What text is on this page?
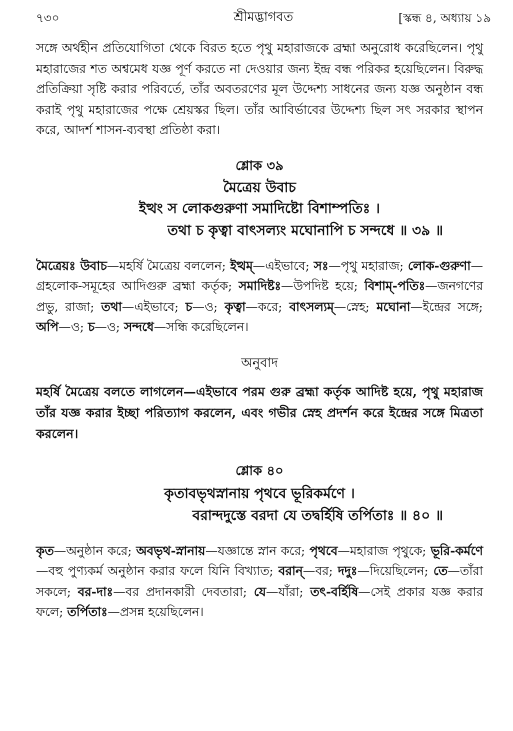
৭৩০	শ্রীমদ্ভাগবত	[স্কন্ধ ৪, অধ্যায় ১৯

সঙ্গে অর্থহীন প্রতিযোগিতা থেকে বিরত হতে পৃথু মহারাজকে ব্রহ্মা অনুরোধ করেছিলেন। পৃথু মহারাজের শত অশ্বমেধ যজ্ঞ পূর্ণ করতে না দেওয়ার জন্য ইন্দ্র বন্ধ পরিকর হয়েছিলেন। বিরুদ্ধ প্রতিক্রিয়া সৃষ্টি করার পরিবর্তে, তাঁর অবতরণের মূল উদ্দেশ্য সাধনের জন্য যজ্ঞ অনুষ্ঠান বন্ধ করাই পৃথু মহারাজের পক্ষে শ্রেয়স্কর ছিল। তাঁর আবির্ভাবের উদ্দেশ্য ছিল সৎ সরকার স্থাপন করে, আদর্শ শাসন-ব্যবস্থা প্রতিষ্ঠা করা।

শ্লোক ৩৯
মৈত্রেয় উবাচ
ইত্থং স লোকগুরুণা সমাদিষ্টো বিশাম্পতিঃ ।
তথা চ কৃত্বা বাৎসল্যং মঘোনাপি চ সন্দধে ॥ ৩৯ ॥

মৈত্রেয়ঃ উবাচ—মহর্ষি মৈত্রেয় বললেন; ইত্থম্—এইভাবে; সঃ—পৃথু মহারাজ; লোক-গুরুণা—গ্রহলোক-সমূহের আদিগুরু ব্রহ্মা কর্তৃক; সমাদিষ্টঃ—উপদিষ্ট হয়ে; বিশাম্-পতিঃ—জনগণের প্রভু, রাজা; তথা—এইভাবে; চ—ও; কৃত্বা—করে; বাৎসল্যম্—স্নেহ; মঘোনা—ইন্দ্রের সঙ্গে; অপি—ও; চ—ও; সন্দধে—সন্ধি করেছিলেন।

অনুবাদ

মহর্ষি মৈত্রেয় বলতে লাগলেন—এইভাবে পরম গুরু ব্রহ্মা কর্তৃক আদিষ্ট হয়ে, পৃথু মহারাজ তাঁর যজ্ঞ করার ইচ্ছা পরিত্যাগ করলেন, এবং গভীর স্নেহ প্রদর্শন করে ইন্দ্রের সঙ্গে মিত্রতা করলেন।

শ্লোক ৪০
কৃতাবভৃথস্নানায় পৃথবে ভূরিকর্মণে ।
বরান্দদুস্তে বরদা যে তদ্বর্হিষি তর্পিতাঃ ॥ ৪০ ॥

কৃত—অনুষ্ঠান করে; অবভৃথ-স্নানায়—যজ্ঞান্তে স্নান করে; পৃথবে—মহারাজ পৃথুকে; ভূরি-কর্মণে—বহু পুণ্যকর্ম অনুষ্ঠান করার ফলে যিনি বিখ্যাত; বরান্—বর; দদুঃ—দিয়েছিলেন; তে—তাঁরা সকলে; বর-দাঃ—বর প্রদানকারী দেবতারা; যে—যাঁরা; তৎ-বর্হিষি—সেই প্রকার যজ্ঞ করার ফলে; তর্পিতাঃ—প্রসন্ন হয়েছিলেন।
